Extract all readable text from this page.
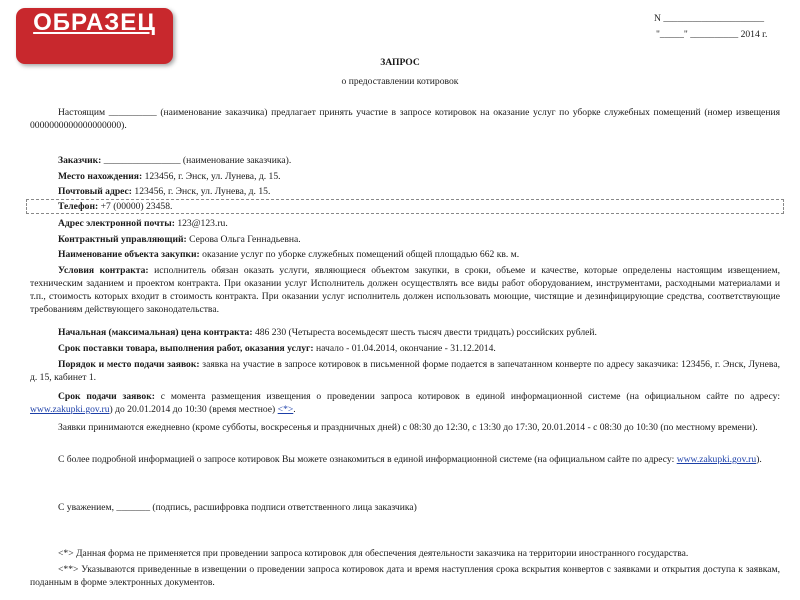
ОБРАЗЕЦ	N _____________________
"_____" __________ 2014 г.
ЗАПРОС
о предоставлении котировок
Настоящим __________ (наименование заказчика) предлагает принять участие в запросе котировок на оказание услуг по уборке служебных помещений (номер извещения 0000000000000000000).
Заказчик: ________________ (наименование заказчика).
Место нахождения: 123456, г. Энск, ул. Лунева, д. 15.
Почтовый адрес: 123456, г. Энск, ул. Лунева, д. 15.
Телефон: +7 (00000) 23458.
Адрес электронной почты: 123@123.ru.
Контрактный управляющий: Серова Ольга Геннадьевна.
Наименование объекта закупки: оказание услуг по уборке служебных помещений общей площадью 662 кв. м.
Условия контракта: исполнитель обязан оказать услуги, являющиеся объектом закупки, в сроки, объеме и качестве, которые определены настоящим извещением, техническим заданием и проектом контракта. При оказании услуг Исполнитель должен осуществлять все виды работ оборудованием, инструментами, расходными материалами и т.п., стоимость которых входит в стоимость контракта. При оказании услуг исполнитель должен использовать моющие, чистящие и дезинфицирующие средства, соответствующие требованиям действующего законодательства.
Начальная (максимальная) цена контракта: 486 230 (Четыреста восемьдесят шесть тысяч двести тридцать) российских рублей.
Срок поставки товара, выполнения работ, оказания услуг: начало - 01.04.2014, окончание - 31.12.2014.
Порядок и место подачи заявок: заявка на участие в запросе котировок в письменной форме подается в запечатанном конверте по адресу заказчика: 123456, г. Энск, Лунева, д. 15, кабинет 1.
Срок подачи заявок: с момента размещения извещения о проведении запроса котировок в единой информационной системе (на официальном сайте по адресу: www.zakupki.gov.ru) до 20.01.2014 до 10:30 (время местное) <*>.
Заявки принимаются ежедневно (кроме субботы, воскресенья и праздничных дней) с 08:30 до 12:30, с 13:30 до 17:30, 20.01.2014 - с 08:30 до 10:30 (по местному времени).
С более подробной информацией о запросе котировок Вы можете ознакомиться в единой информационной системе (на официальном сайте по адресу: www.zakupki.gov.ru).
С уважением, _______ (подпись, расшифровка подписи ответственного лица заказчика)
<*> Данная форма не применяется при проведении запроса котировок для обеспечения деятельности заказчика на территории иностранного государства.
<**> Указываются приведенные в извещении о проведении запроса котировок дата и время наступления срока вскрытия конвертов с заявками и открытия доступа к заявкам, поданным в форме электронных документов.
